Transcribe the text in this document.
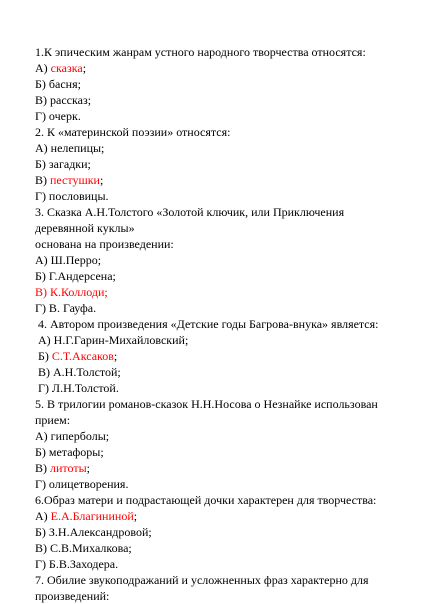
1.К эпическим жанрам устного народного творчества относятся:
А) сказка;
Б) басня;
В) рассказ;
Г) очерк.
2. К «материнской поэзии» относятся:
А) нелепицы;
Б) загадки;
В) пестушки;
Г) пословицы.
3. Сказка А.Н.Толстого «Золотой ключик, или Приключения деревянной куклы»
основана на произведении:
А) Ш.Перро;
Б) Г.Андерсена;
В) К.Коллоди;
Г) В. Гауфа.
4. Автором произведения «Детские годы Багрова-внука» является:
А) Н.Г.Гарин-Михайловский;
Б) С.Т.Аксаков;
В) А.Н.Толстой;
Г) Л.Н.Толстой.
5. В трилогии романов-сказок Н.Н.Носова о Незнайке использован прием:
А) гиперболы;
Б) метафоры;
В) литоты;
Г) олицетворения.
6.Образ матери и подрастающей дочки характерен для творчества:
А) Е.А.Благининой;
Б) З.Н.Александровой;
В) С.В.Михалкова;
Г) Б.В.Заходера.
7. Обилие звукоподражаний и усложненных фраз характерно для произведений:
